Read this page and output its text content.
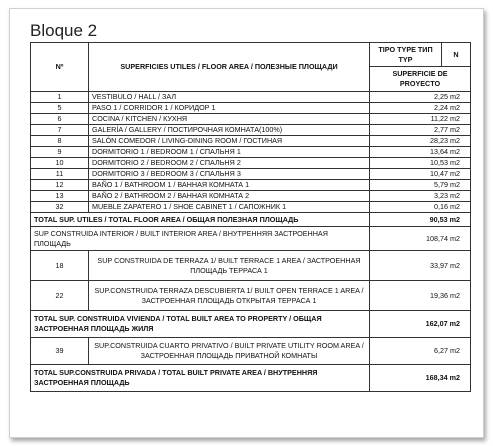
Bloque 2
Nº	SUPERFICIES UTILES / FLOOR AREA / ПОЛЕЗНЫЕ ПЛОЩАДИ	TIPO TYPE ТИП TYP	N
		SUPERFICIE DE PROYECTO	
1	VESTIBULO / HALL / ЗАЛ	2,25 m2	
5	PASO 1 / CORRIDOR 1 / КОРИДОР 1	2,24 m2	
6	COCINA / KITCHEN / КУХНЯ	11,22 m2	
7	GALERÍA / GALLERY / ПОСТИРОЧНАЯ КОМНАТА(100%)	2,77 m2	
8	SALÓN COMEDOR / LIVING-DINING ROOM / ГОСТИНАЯ	28,23 m2	
9	DORMITORIO 1 / BEDROOM 1 / СПАЛЬНЯ 1	13,64 m2	
10	DORMITORIO 2 / BEDROOM 2 / СПАЛЬНЯ 2	10,53 m2	
11	DORMITORIO 3 / BEDROOM 3 / СПАЛЬНЯ 3	10,47 m2	
12	BAÑO 1 / BATHROOM 1 / ВАННАЯ КОМНАТА 1	5,79 m2	
13	BAÑO 2 / BATHROOM 2 / ВАННАЯ КОМНАТА 2	3,23 m2	
32	MUEBLE ZAPATERO 1 / SHOE CABINET 1 / САПОЖНИК 1	0,16 m2	
TOTAL SUP. UTILES / TOTAL FLOOR AREA / ОБЩАЯ ПОЛЕЗНАЯ ПЛОЩАДЬ		90,53 m2	
SUP CONSTRUIDA INTERIOR / BUILT INTERIOR AREA / ВНУТРЕННЯЯ ЗАСТРОЕННАЯ ПЛОЩАДЬ		108,74 m2	
18	SUP CONSTRUIDA DE TERRAZA 1/ BUILT TERRACE 1 AREA / ЗАСТРОЕННАЯ ПЛОЩАДЬ ТЕРРАСА 1	33,97 m2	
22	SUP.CONSTRUIDA TERRAZA DESCUBIERTA 1/ BUILT OPEN TERRACE 1 AREA / ЗАСТРОЕННАЯ ПЛОЩАДЬ ОТКРЫТАЯ ТЕРРАСА 1	19,36 m2	
TOTAL SUP. CONSTRUIDA VIVIENDA / TOTAL BUILT AREA TO PROPERTY / ОБЩАЯ ЗАСТРОЕННАЯ ПЛОЩАДЬ ЖИЛЯ		162,07 m2	
39	SUP.CONSTRUIDA CUARTO PRIVATIVO / BUILT PRIVATE UTILITY ROOM AREA / ЗАСТРОЕННАЯ ПЛОЩАДЬ ПРИВАТНОЙ КОМНАТЫ	6,27 m2	
TOTAL SUP.CONSTRUIDA PRIVADA / TOTAL BUILT PRIVATE AREA / ВНУТРЕННЯЯ ЗАСТРОЕННАЯ ПЛОЩАДЬ		168,34 m2	
